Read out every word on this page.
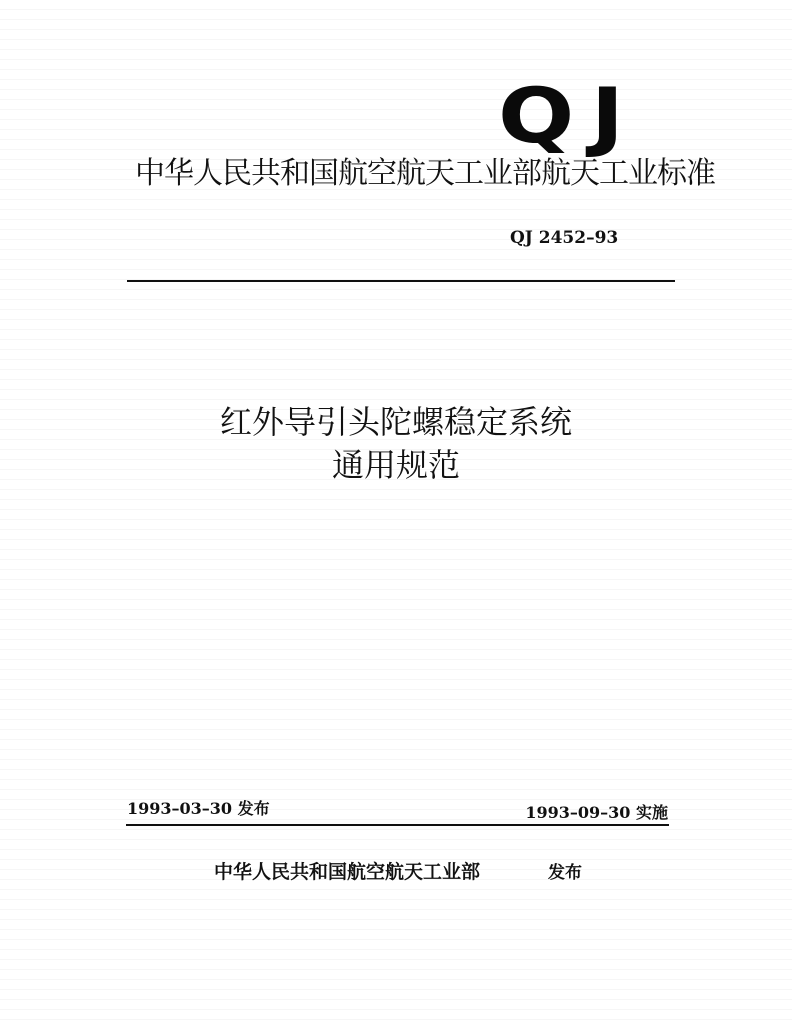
QJ
中华人民共和国航空航天工业部航天工业标准
QJ 2452–93
红外导引头陀螺稳定系统
通用规范
1993–03–30 发布	1993–09–30 实施
中华人民共和国航空航天工业部	发布
